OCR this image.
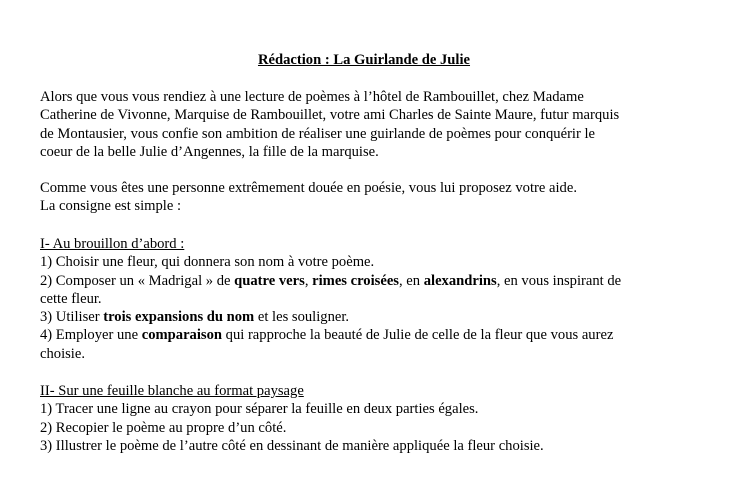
Rédaction : La Guirlande de Julie
Alors que vous vous rendiez à une lecture de poèmes à l’hôtel de Rambouillet, chez Madame
Catherine de Vivonne, Marquise de Rambouillet, votre ami Charles de Sainte Maure, futur marquis
de Montausier, vous confie son ambition de réaliser une guirlande de poèmes pour conquérir le
coeur de la belle Julie d’Angennes, la fille de la marquise.
Comme vous êtes une personne extrêmement douée en poésie, vous lui proposez votre aide.
La consigne est simple :
I- Au brouillon d’abord :
1) Choisir une fleur, qui donnera son nom à votre poème.
2) Composer un « Madrigal » de quatre vers, rimes croisées, en alexandrins, en vous inspirant de
cette fleur.
3) Utiliser trois expansions du nom et les souligner.
4) Employer une comparaison qui rapproche la beauté de Julie de celle de la fleur que vous aurez
choisie.
II- Sur une feuille blanche au format paysage
1) Tracer une ligne au crayon pour séparer la feuille en deux parties égales.
2) Recopier le poème au propre d’un côté.
3) Illustrer le poème de l’autre côté en dessinant de manière appliquée la fleur choisie.
